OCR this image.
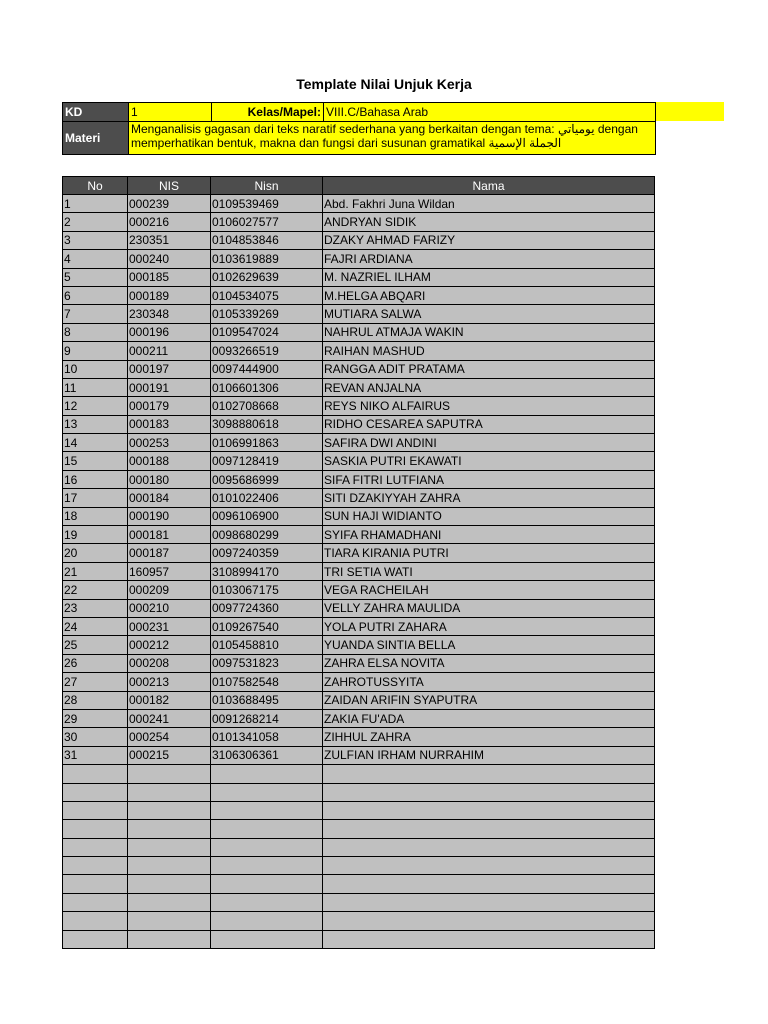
Template Nilai Unjuk Kerja
KD	1	Kelas/Mapel:	VIII.C/Bahasa Arab
Materi	Menganalisis gagasan dari teks naratif sederhana yang berkaitan dengan tema: يومياتي dengan memperhatikan bentuk, makna dan fungsi dari susunan gramatikal الجملة الإسمية		
No	NIS	Nisn	Nama
1	000239	0109539469	Abd. Fakhri Juna Wildan
2	000216	0106027577	ANDRYAN SIDIK
3	230351	0104853846	DZAKY AHMAD FARIZY
4	000240	0103619889	FAJRI ARDIANA
5	000185	0102629639	M. NAZRIEL ILHAM
6	000189	0104534075	M.HELGA ABQARI
7	230348	0105339269	MUTIARA SALWA
8	000196	0109547024	NAHRUL ATMAJA WAKIN
9	000211	0093266519	RAIHAN MASHUD
10	000197	0097444900	RANGGA ADIT PRATAMA
11	000191	0106601306	REVAN ANJALNA
12	000179	0102708668	REYS NIKO ALFAIRUS
13	000183	3098880618	RIDHO CESAREA SAPUTRA
14	000253	0106991863	SAFIRA DWI ANDINI
15	000188	0097128419	SASKIA PUTRI EKAWATI
16	000180	0095686999	SIFA FITRI LUTFIANA
17	000184	0101022406	SITI DZAKIYYAH ZAHRA
18	000190	0096106900	SUN HAJI WIDIANTO
19	000181	0098680299	SYIFA RHAMADHANI
20	000187	0097240359	TIARA KIRANIA PUTRI
21	160957	3108994170	TRI SETIA WATI
22	000209	0103067175	VEGA RACHEILAH
23	000210	0097724360	VELLY ZAHRA MAULIDA
24	000231	0109267540	YOLA PUTRI ZAHARA
25	000212	0105458810	YUANDA SINTIA BELLA
26	000208	0097531823	ZAHRA ELSA NOVITA
27	000213	0107582548	ZAHROTUSSYITA
28	000182	0103688495	ZAIDAN ARIFIN SYAPUTRA
29	000241	0091268214	ZAKIA FU'ADA
30	000254	0101341058	ZIHHUL ZAHRA
31	000215	3106306361	ZULFIAN IRHAM NURRAHIM
